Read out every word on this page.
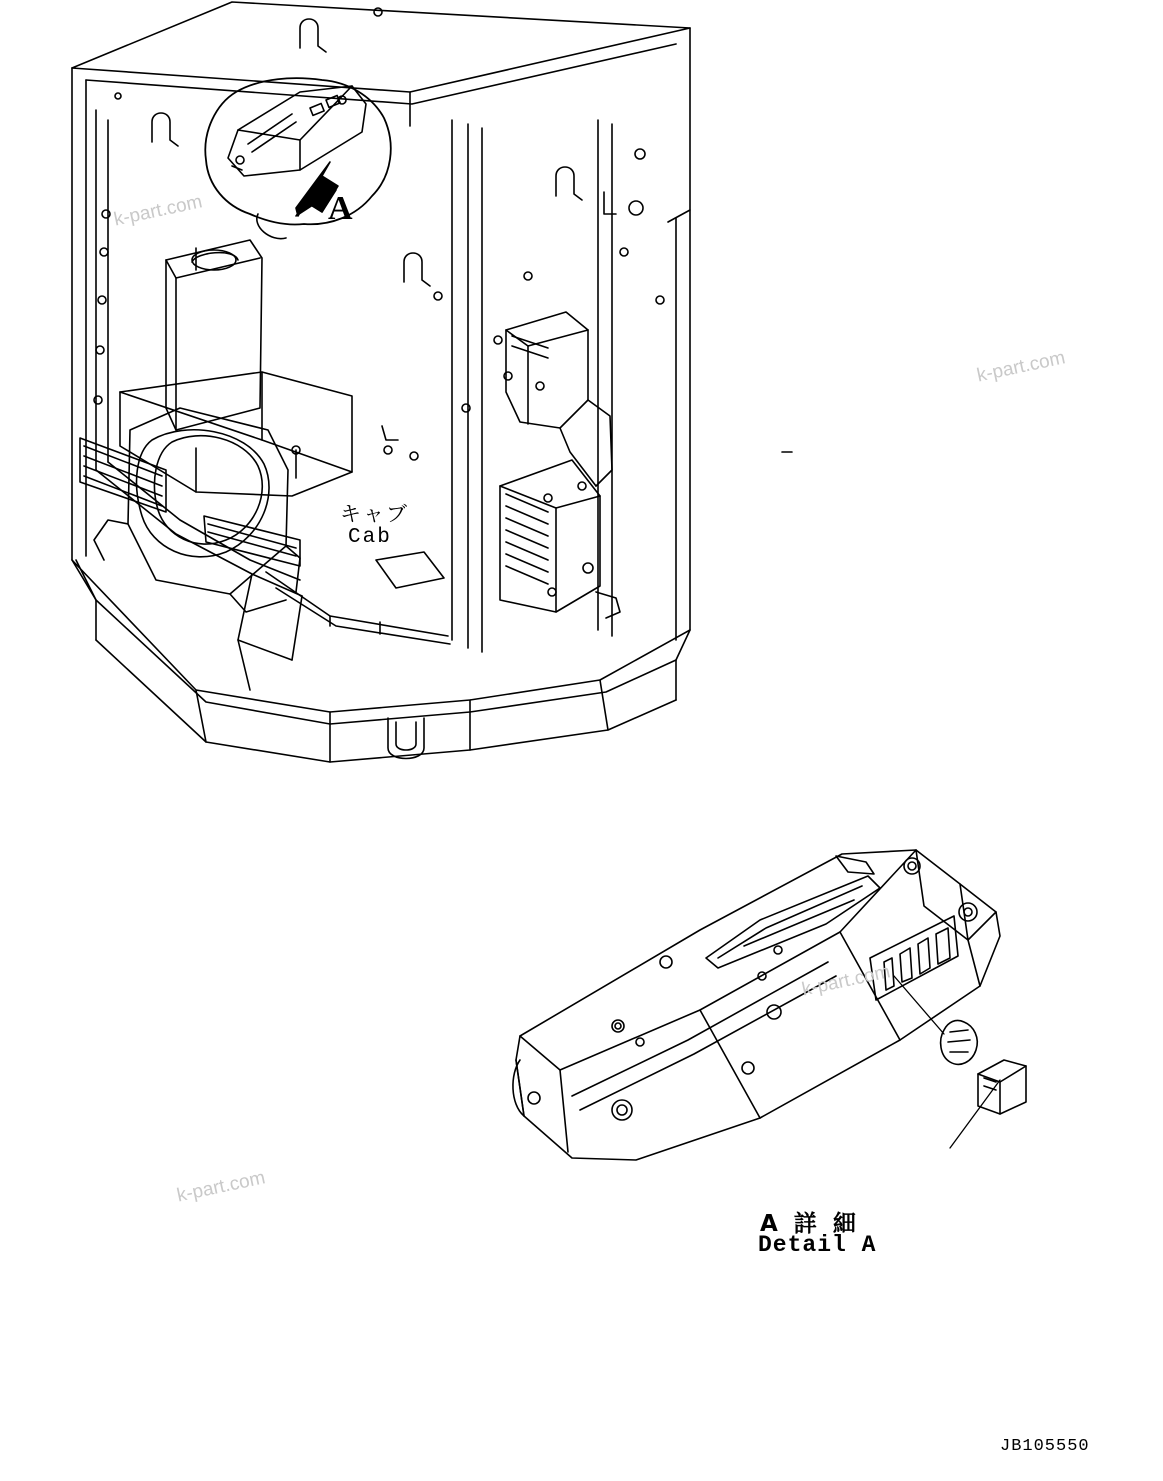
A
キャブ
Cab
A 詳 細
Detail A
JB105550
k-part.com
k-part.com
k-part.com
k-part.com
